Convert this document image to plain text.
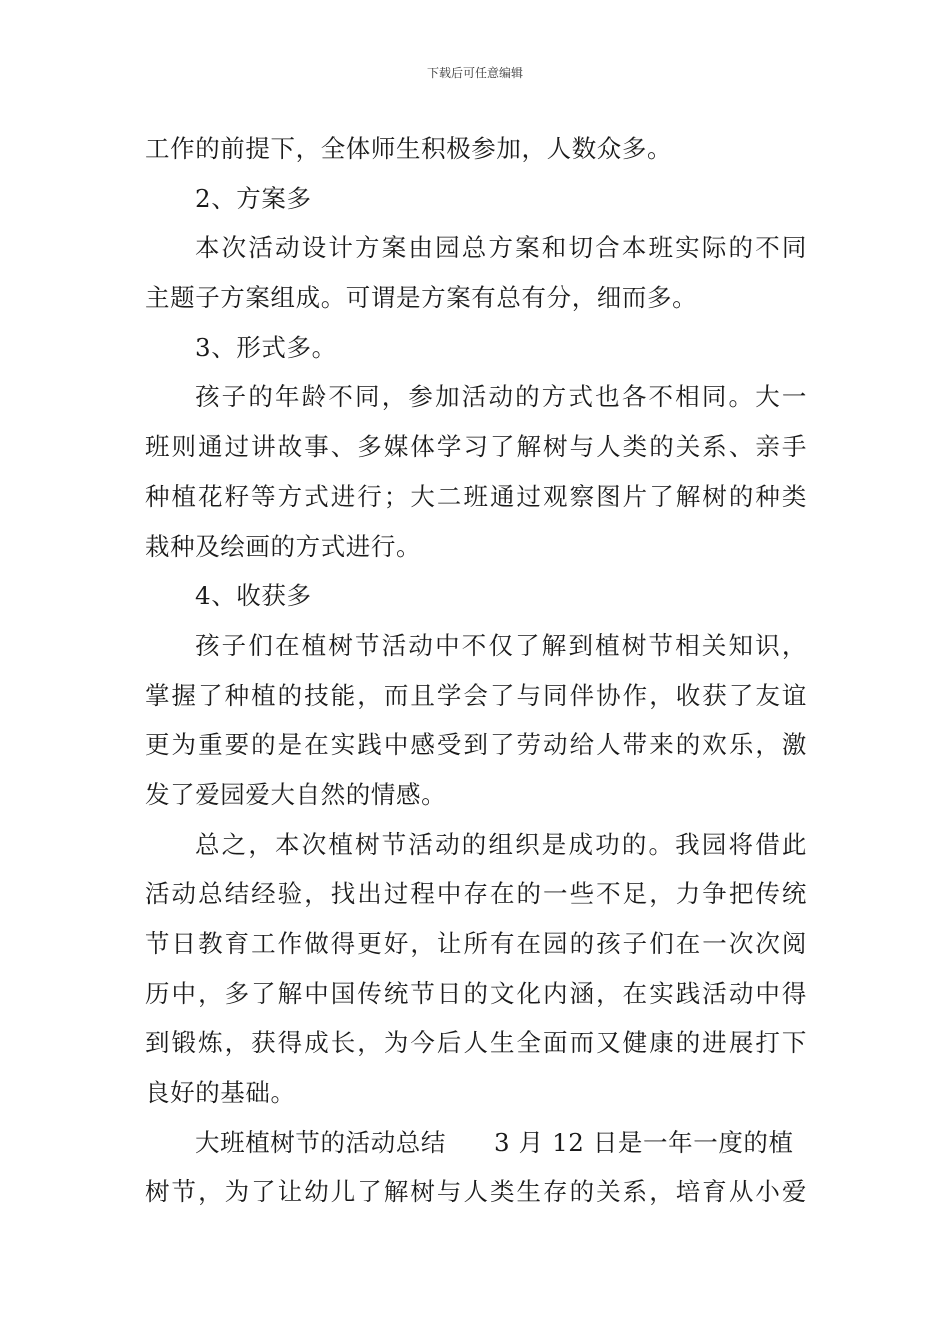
下载后可任意编辑
工作的前提下，全体师生积极参加，人数众多。
2、方案多
本次活动设计方案由园总方案和切合本班实际的不同
主题子方案组成。可谓是方案有总有分，细而多。
3、形式多。
孩子的年龄不同，参加活动的方式也各不相同。大一
班则通过讲故事、多媒体学习了解树与人类的关系、亲手
种植花籽等方式进行；大二班通过观察图片了解树的种类
栽种及绘画的方式进行。
4、收获多
孩子们在植树节活动中不仅了解到植树节相关知识，
掌握了种植的技能，而且学会了与同伴协作，收获了友谊
更为重要的是在实践中感受到了劳动给人带来的欢乐，激
发了爱园爱大自然的情感。
总之，本次植树节活动的组织是成功的。我园将借此
活动总结经验，找出过程中存在的一些不足，力争把传统
节日教育工作做得更好，让所有在园的孩子们在一次次阅
历中，多了解中国传统节日的文化内涵，在实践活动中得
到锻炼，获得成长，为今后人生全面而又健康的进展打下
良好的基础。
大班植树节的活动总结 3 月 12 日是一年一度的植
树节，为了让幼儿了解树与人类生存的关系，培育从小爱
